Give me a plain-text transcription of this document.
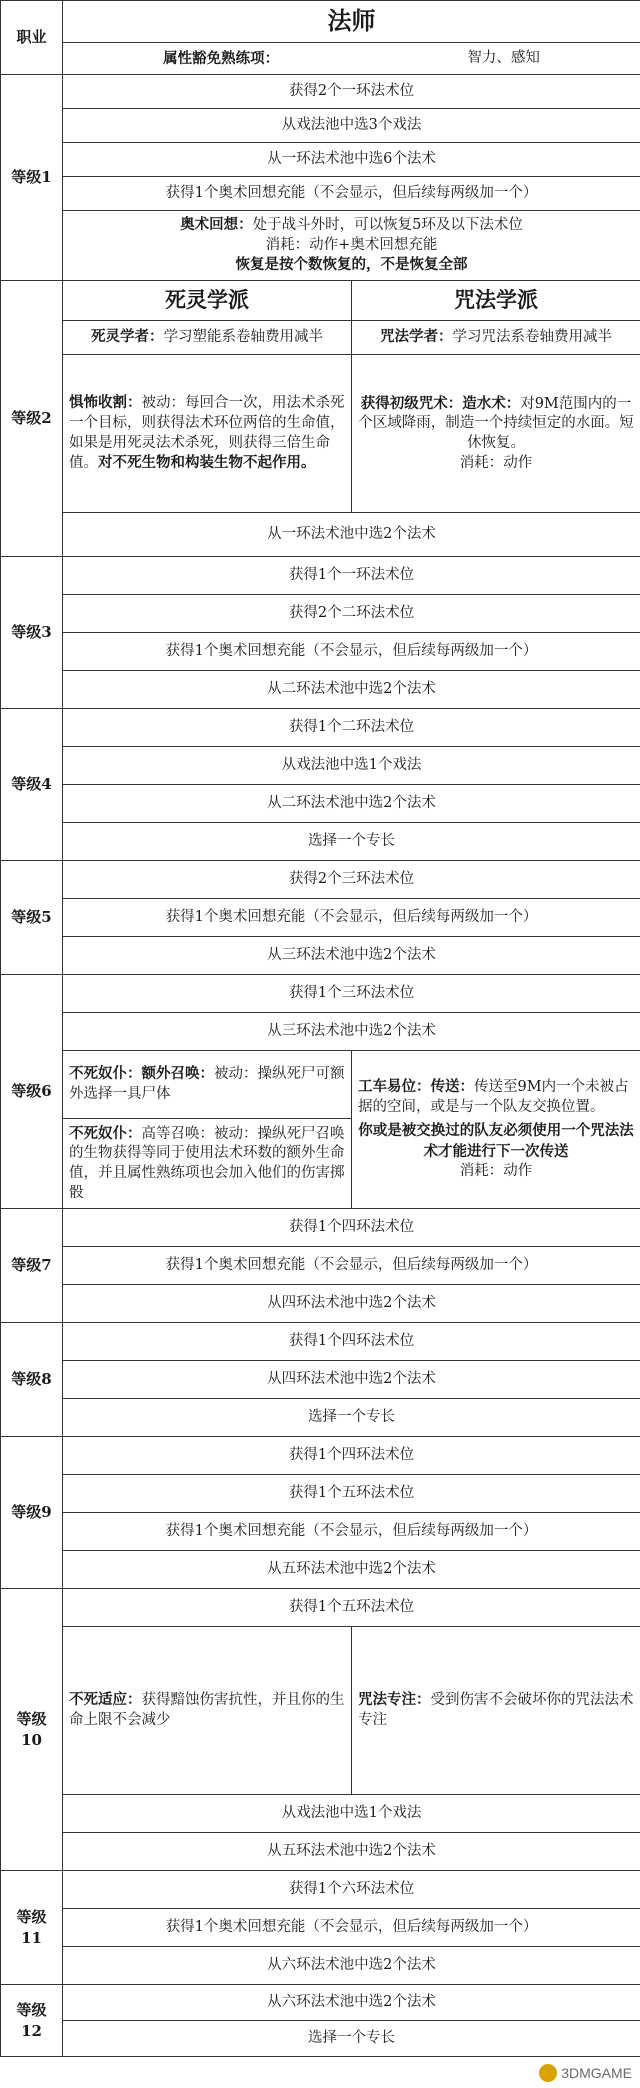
职业	法师	

	属性豁免熟练项： 智力、感知	

等级1	获得2个一环法术位	
	从戏法池中选3个戏法	
	从一环法术池中选6个法术	
	获得1个奥术回想充能（不会显示，但后续每两级加一个）	

	奥术回想：处于战斗外时，可以恢复5环及以下法术位
消耗：动作+奥术回想充能
恢复是按个数恢复的，不是恢复全部	

等级2	死灵学派	咒法学派
	死灵学者：学习塑能系卷轴费用减半	咒法学者：学习咒法系卷轴费用减半
	惧怖收割：被动：每回合一次，用法术杀死一个目标，则获得法术环位两倍的生命值，如果是用死灵法术杀死，则获得三倍生命值。对不死生物和构装生物不起作用。	获得初级咒术：造水术：对9M范围内的一个区域降雨，制造一个持续恒定的水面。短休恢复。
消耗：动作

	从一环法术池中选2个法术	
等级3	获得1个一环法术位	
	获得2个二环法术位	
	获得1个奥术回想充能（不会显示，但后续每两级加一个）	
	从二环法术池中选2个法术	
等级4	获得1个二环法术位	
	从戏法池中选1个戏法	
	从二环法术池中选2个法术	
	选择一个专长	
等级5	获得2个三环法术位	
	获得1个奥术回想充能（不会显示，但后续每两级加一个）	
	从三环法术池中选2个法术	
等级6	获得1个三环法术位	
	从三环法术池中选2个法术	
	不死奴仆：额外召唤：被动：操纵死尸可额外选择一具尸体	工车易位：传送：传送至9M内一个未被占据的空间，或是与一个队友交换位置。
你或是被交换过的队友必须使用一个咒法法术才能进行下一次传送
消耗：动作

	不死奴仆：高等召唤：被动：操纵死尸召唤的生物获得等同于使用法术环数的额外生命值，并且属性熟练项也会加入他们的伤害掷骰	
等级7	获得1个四环法术位	
	获得1个奥术回想充能（不会显示，但后续每两级加一个）	
	从四环法术池中选2个法术	
等级8	获得1个四环法术位	
	从四环法术池中选2个法术	
	选择一个专长	
等级9	获得1个四环法术位	
	获得1个五环法术位	
	获得1个奥术回想充能（不会显示，但后续每两级加一个）	
	从五环法术池中选2个法术	
等级10	获得1个五环法术位	
	不死适应：获得黯蚀伤害抗性，并且你的生命上限不会减少	咒法专注：受到伤害不会破坏你的咒法法术专注
	从戏法池中选1个戏法	
	从五环法术池中选2个法术	
等级11	获得1个六环法术位	
	获得1个奥术回想充能（不会显示，但后续每两级加一个）	
	从六环法术池中选2个法术	
等级12	从六环法术池中选2个法术	
	选择一个专长	
3DMGAME
